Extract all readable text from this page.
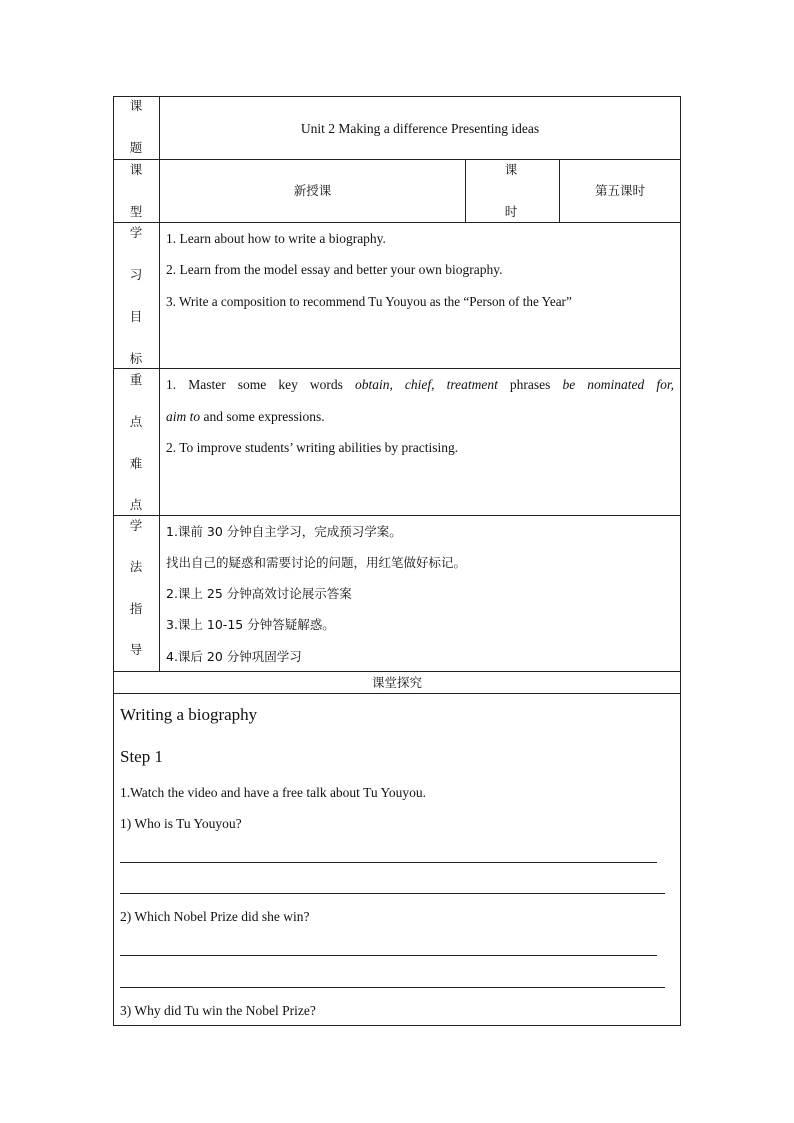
课
题
Unit 2 Making a difference Presenting ideas
课
型
新授课
课
时
第五课时
学
习
目
标
1. Learn about how to write a biography.
2. Learn from the model essay and better your own biography.
3. Write a composition to recommend Tu Youyou as the “Person of the Year”
重
点
难
点
1. Master some key words obtain, chief, treatment phrases be nominated for,
aim to and some expressions.
2. To improve students’ writing abilities by practising.
学
法
指
导
1.课前 30 分钟自主学习，完成预习学案。
找出自己的疑惑和需要讨论的问题，用红笔做好标记。
2.课上 25 分钟高效讨论展示答案
3.课上 10-15 分钟答疑解惑。
4.课后 20 分钟巩固学习
课堂探究
Writing a biography
Step 1
1.Watch the video and have a free talk about Tu Youyou.
1) Who is Tu Youyou?
2) Which Nobel Prize did she win?
3) Why did Tu win the Nobel Prize?
